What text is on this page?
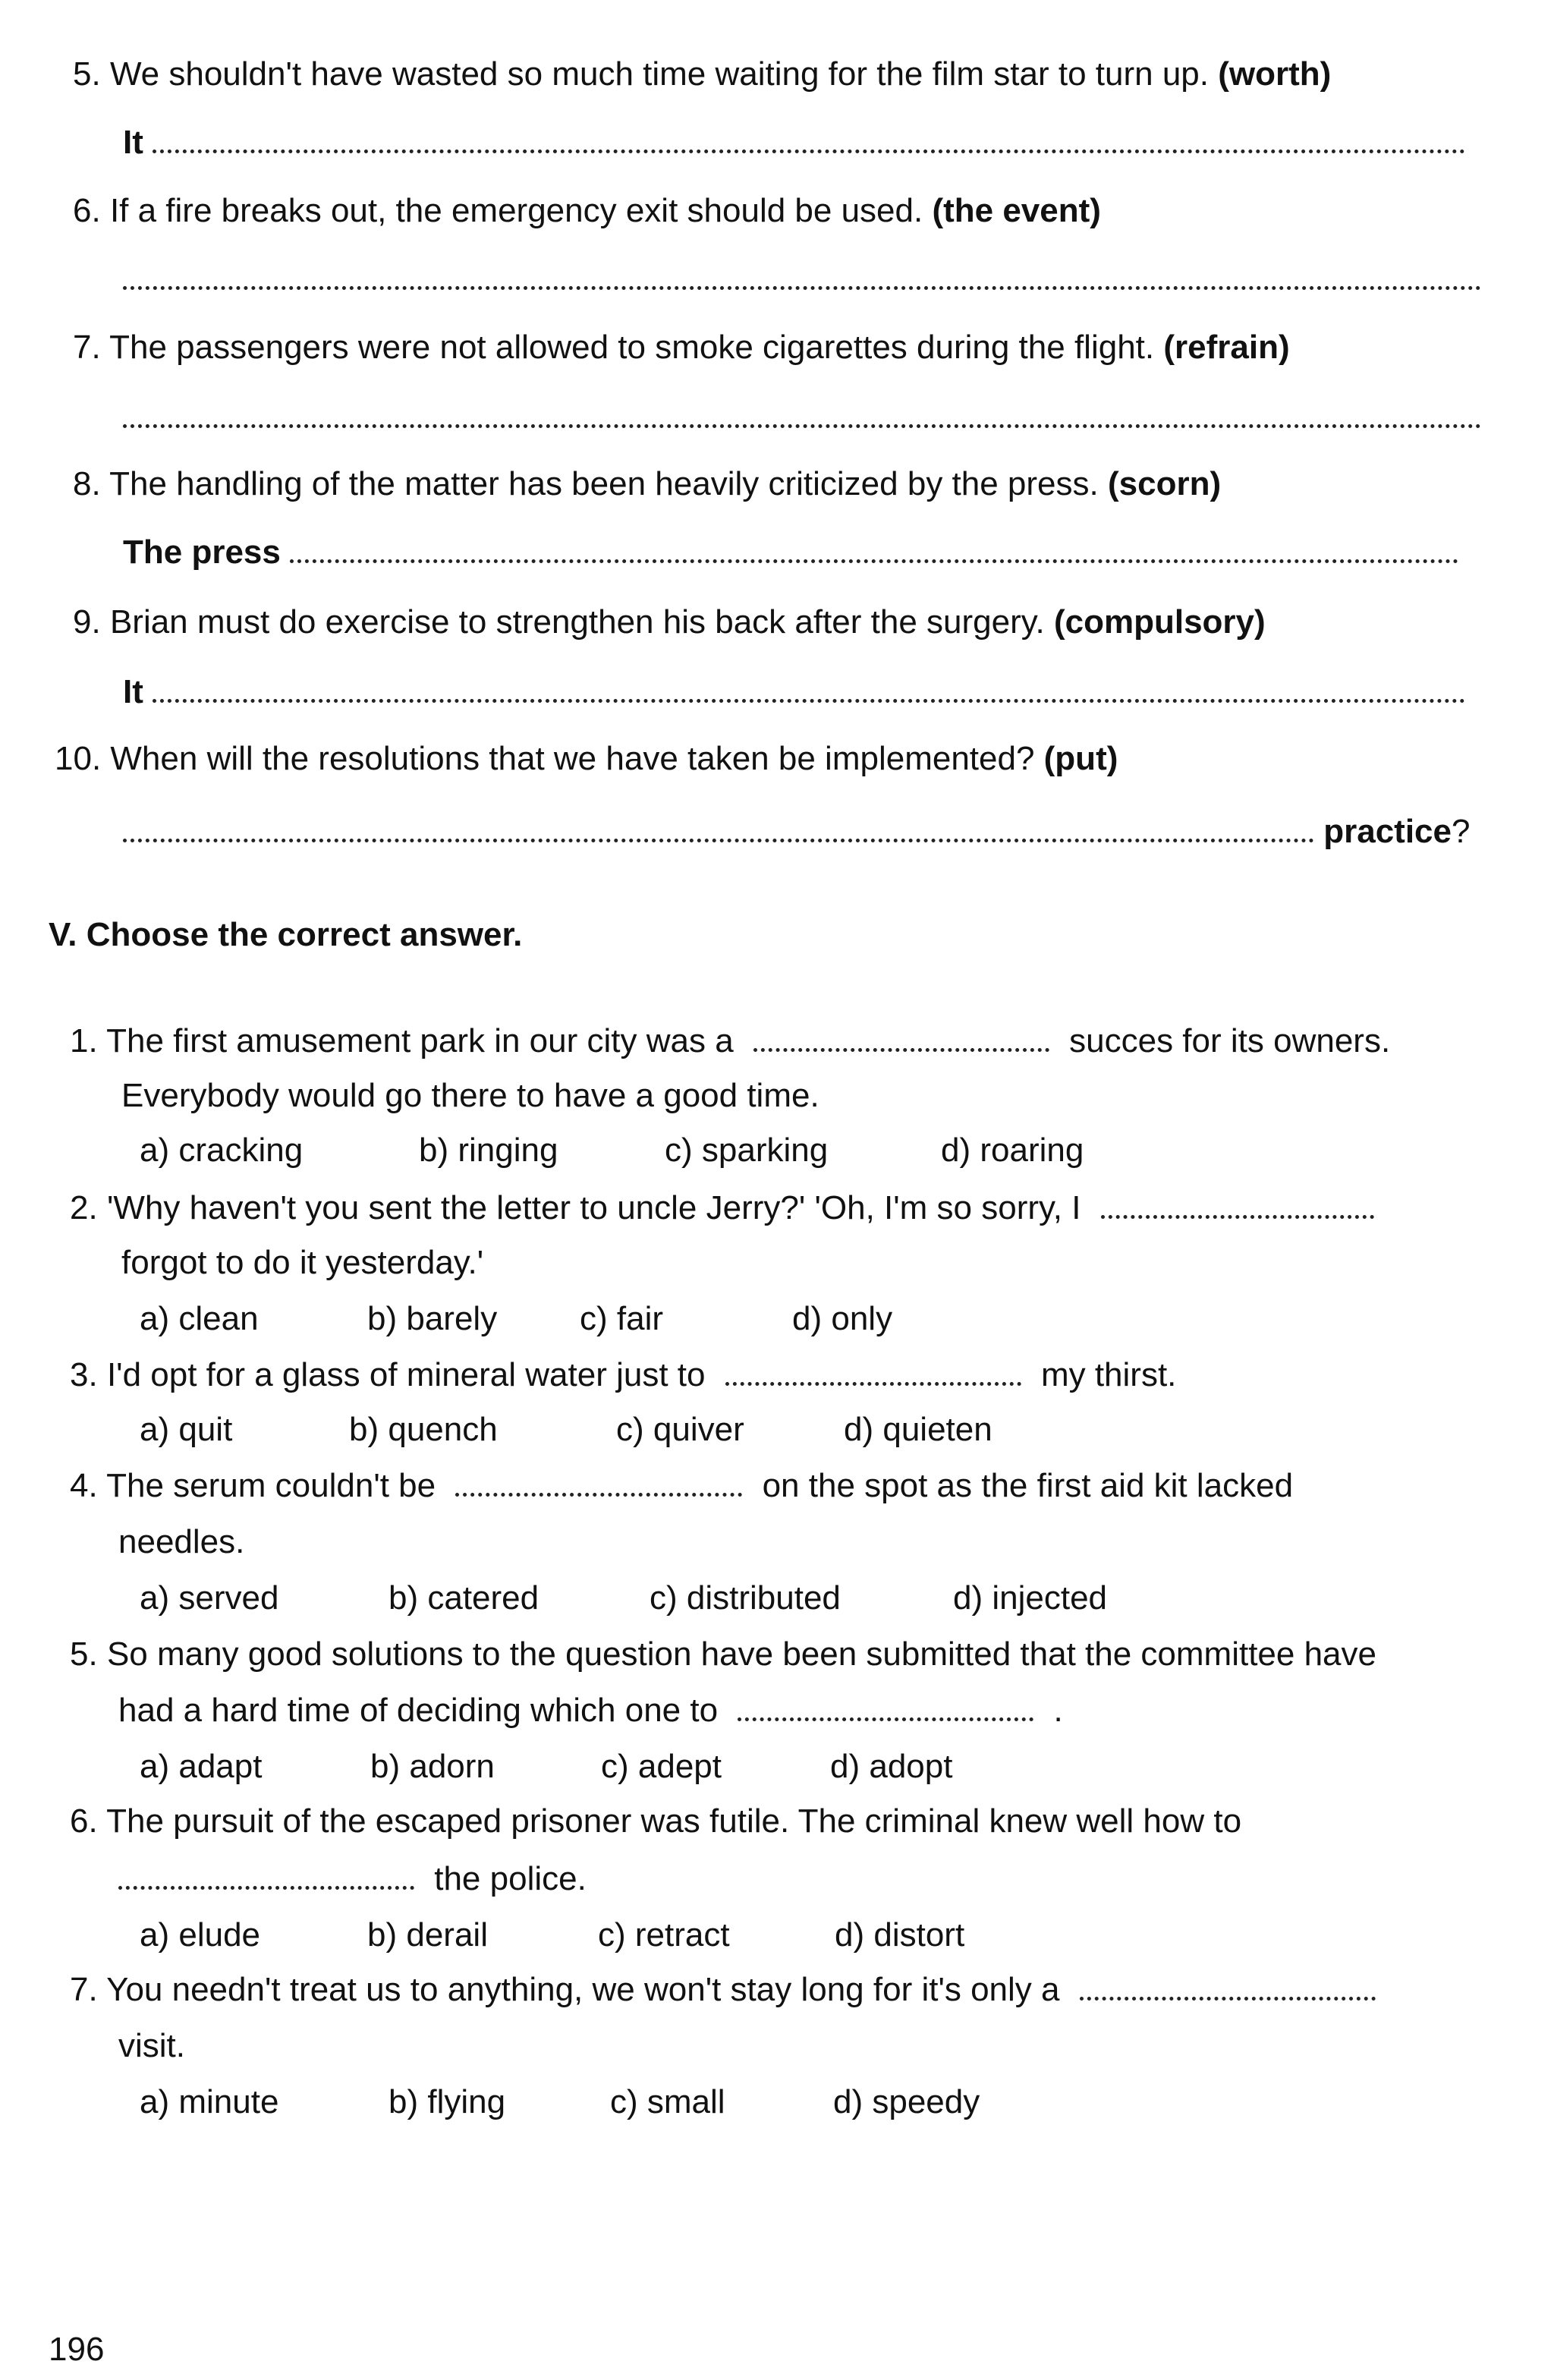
5. We shouldn't have wasted so much time waiting for the film star to turn up. (worth)
It
6. If a fire breaks out, the emergency exit should be used. (the event)
7. The passengers were not allowed to smoke cigarettes during the flight. (refrain)
8. The handling of the matter has been heavily criticized by the press. (scorn)
The press
9. Brian must do exercise to strengthen his back after the surgery. (compulsory)
It
10. When will the resolutions that we have taken be implemented? (put)
practice?
V. Choose the correct answer.
1. The first amusement park in our city was a	succes for its owners.
Everybody would go there to have a good time.
a) cracking	b) ringing	c) sparking	d) roaring
2. 'Why haven't you sent the letter to uncle Jerry?' 'Oh, I'm so sorry, I
forgot to do it yesterday.'
a) clean	b) barely c) fair	d) only
3. I'd opt for a glass of mineral water just to	my thirst.
a) quit	b) quench	c) quiver	d) quieten
4. The serum couldn't be	on the spot as the first aid kit lacked
needles.
a) served	b) catered	c) distributed	d) injected
5. So many good solutions to the question have been submitted that the committee have
had a hard time of deciding which one to	.
a) adapt	b) adorn	c) adept	d) adopt
6. The pursuit of the escaped prisoner was futile. The criminal knew well how to
the police.
a) elude	b) derail	c) retract	d) distort
7. You needn't treat us to anything, we won't stay long for it's only a
visit.
a) minute	b) flying	c) small	d) speedy
196
